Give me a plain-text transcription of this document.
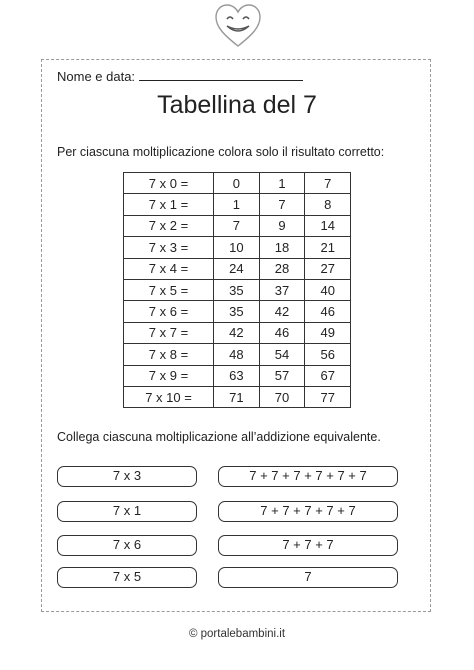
Nome e data:
Tabellina del 7
Per ciascuna moltiplicazione colora solo il risultato corretto:
7 x 0 =	0	1	7
7 x 1 =	1	7	8
7 x 2 =	7	9	14
7 x 3 =	10	18	21
7 x 4 =	24	28	27
7 x 5 =	35	37	40
7 x 6 =	35	42	46
7 x 7 =	42	46	49
7 x 8 =	48	54	56
7 x 9 =	63	57	67
7 x 10 =	71	70	77
Collega ciascuna moltiplicazione all’addizione equivalente.
7 x 3
7 x 1
7 x 6
7 x 5
7 + 7 + 7 + 7 + 7 + 7
7 + 7 + 7 + 7 + 7
7 + 7 + 7
7
© portalebambini.it
